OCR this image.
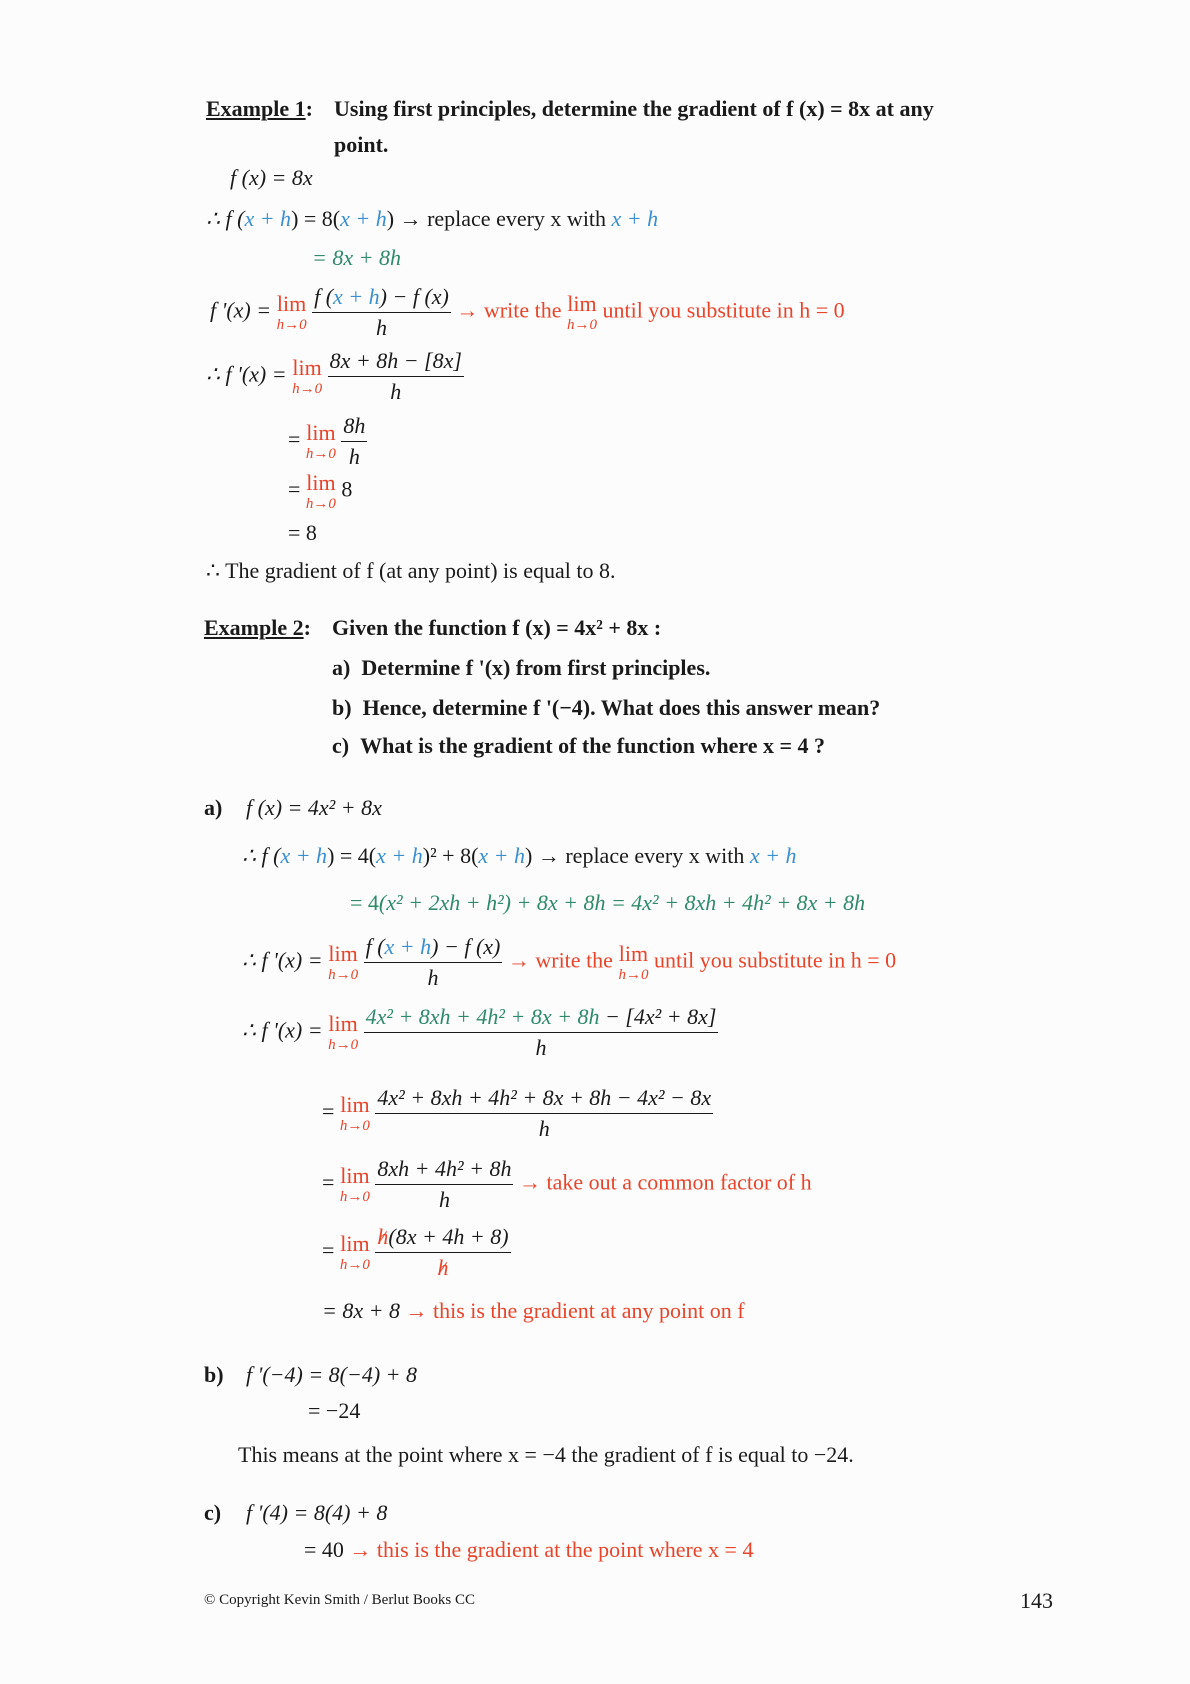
Example 1: Using first principles, determine the gradient of f (x) = 8x at any
point.
f (x) = 8x
∴ f (x + h) = 8(x + h) → replace every x with x + h
= 8x + 8h
f '(x) = lim
h→0
$\frac{f (x + h) - f (x)}{h}$ → write the lim
h→0
until you substitute in h = 0
∴ f '(x) = lim
h→0
$\frac{8x + 8h - [8x]}{h}$
= lim
h→0
$\frac{8h}{h}$
= lim
h→0
8
= 8
∴ The gradient of f (at any point) is equal to 8.
Example 2: Given the function f (x) = 4x² + 8x :
a) Determine f '(x) from first principles.
b) Hence, determine f '(−4). What does this answer mean?
c) What is the gradient of the function where x = 4 ?
a) f (x) = 4x² + 8x
∴ f (x + h) = 4(x + h)² + 8(x + h) → replace every x with x + h
= 4(x² + 2xh + h²) + 8x + 8h = 4x² + 8xh + 4h² + 8x + 8h
∴ f '(x) = lim
h→0
$\frac{f (x + h) - f (x)}{h}$ → write the lim
h→0
until you substitute in h = 0
∴ f '(x) = lim
h→0
$\frac{\text{4x² + 8xh + 4h² + 8x + 8h − [4x² + 8x]}}{h}$
= lim
h→0
$\frac{\text{4x² + 8xh + 4h² + 8x + 8h − 4x² − 8x}}{h}$
= lim
h→0
$\frac{\text{8xh + 4h² + 8h}}{h}$ → take out a common factor of h
= lim
h→0
$\frac{h(8x + 4h + 8)}{h}$
= 8x + 8 → this is the gradient at any point on f
b) f '(−4) = 8(−4) + 8
= −24
This means at the point where x = −4 the gradient of f is equal to −24.
c) f '(4) = 8(4) + 8
= 40 → this is the gradient at the point where x = 4
© Copyright Kevin Smith / Berlut Books CC	143
